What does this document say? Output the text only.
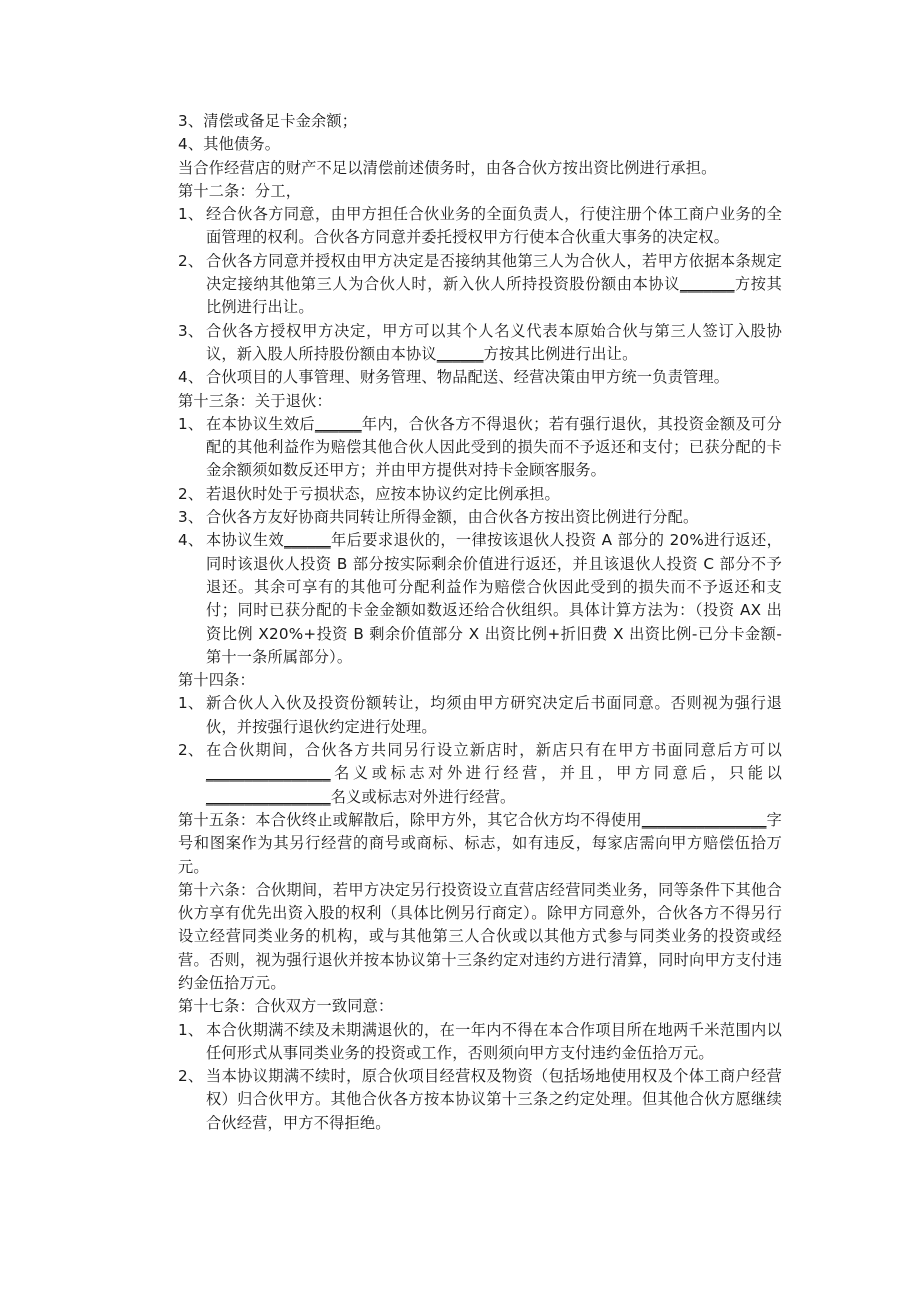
3、清偿或备足卡金余额；
4、其他债务。
当合作经营店的财产不足以清偿前述债务时，由各合伙方按出资比例进行承担。
第十二条：分工，
1、 经合伙各方同意，由甲方担任合伙业务的全面负责人，行使注册个体工商户业务的全面管理的权利。合伙各方同意并委托授权甲方行使本合伙重大事务的决定权。
2、 合伙各方同意并授权由甲方决定是否接纳其他第三人为合伙人，若甲方依据本条规定决定接纳其他第三人为合伙人时，新入伙人所持投资股份额由本协议_______方按其比例进行出让。
3、 合伙各方授权甲方决定，甲方可以其个人名义代表本原始合伙与第三人签订入股协议，新入股人所持股份额由本协议______方按其比例进行出让。
4、 合伙项目的人事管理、财务管理、物品配送、经营决策由甲方统一负责管理。
第十三条：关于退伙：
1、 在本协议生效后______年内，合伙各方不得退伙；若有强行退伙，其投资金额及可分配的其他利益作为赔偿其他合伙人因此受到的损失而不予返还和支付；已获分配的卡金余额须如数反还甲方；并由甲方提供对持卡金顾客服务。
2、 若退伙时处于亏损状态，应按本协议约定比例承担。
3、 合伙各方友好协商共同转让所得金额，由合伙各方按出资比例进行分配。
4、 本协议生效______年后要求退伙的，一律按该退伙人投资 A 部分的 20%进行返还，同时该退伙人投资 B 部分按实际剩余价值进行返还，并且该退伙人投资 C 部分不予退还。其余可享有的其他可分配利益作为赔偿合伙因此受到的损失而不予返还和支付；同时已获分配的卡金金额如数返还给合伙组织。具体计算方法为：（投资 AX 出资比例 X20%+投资 B 剩余价值部分 X 出资比例+折旧费 X 出资比例-已分卡金额-第十一条所属部分）。
第十四条：
1、 新合伙人入伙及投资份额转让，均须由甲方研究决定后书面同意。否则视为强行退伙，并按强行退伙约定进行处理。
2、 在合伙期间，合伙各方共同另行设立新店时，新店只有在甲方书面同意后方可以________________名义或标志对外进行经营，并且，甲方同意后，只能以________________名义或标志对外进行经营。
第十五条：本合伙终止或解散后，除甲方外，其它合伙方均不得使用________________字号和图案作为其另行经营的商号或商标、标志，如有违反，每家店需向甲方赔偿伍拾万元。
第十六条：合伙期间，若甲方决定另行投资设立直营店经营同类业务，同等条件下其他合伙方享有优先出资入股的权利（具体比例另行商定）。除甲方同意外，合伙各方不得另行设立经营同类业务的机构，或与其他第三人合伙或以其他方式参与同类业务的投资或经营。否则，视为强行退伙并按本协议第十三条约定对违约方进行清算，同时向甲方支付违约金伍拾万元。
第十七条：合伙双方一致同意：
1、 本合伙期满不续及未期满退伙的，在一年内不得在本合作项目所在地两千米范围内以任何形式从事同类业务的投资或工作，否则须向甲方支付违约金伍拾万元。
2、 当本协议期满不续时，原合伙项目经营权及物资（包括场地使用权及个体工商户经营权）归合伙甲方。其他合伙各方按本协议第十三条之约定处理。但其他合伙方愿继续合伙经营，甲方不得拒绝。
